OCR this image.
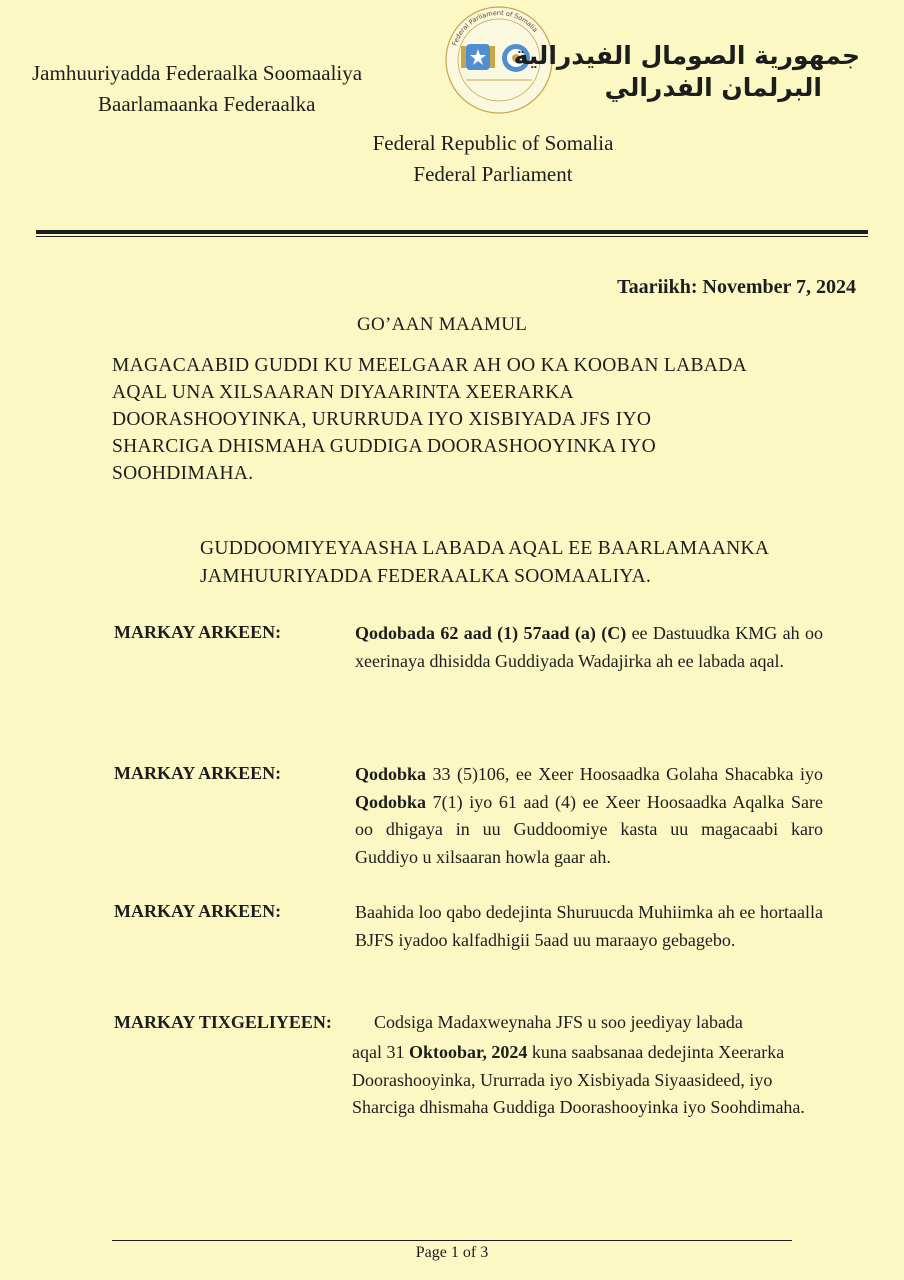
Jamhuuriyadda Federaalka Soomaaliya
Baarlamaanka Federaalka
Federal Parliament of Somalia
جمهورية الصومال الفيدرالية
البرلمان الفدرالي
Federal Republic of Somalia
Federal Parliament
Taariikh: November 7, 2024
GO’AAN MAAMUL
MAGACAABID GUDDI KU MEELGAAR AH OO KA KOOBAN LABADA AQAL UNA XILSAARAN DIYAARINTA XEERARKA DOORASHOOYINKA, URURRUDA IYO XISBIYADA JFS IYO SHARCIGA DHISMAHA GUDDIGA DOORASHOOYINKA IYO SOOHDIMAHA.
GUDDOOMIYEYAASHA LABADA AQAL EE BAARLAMAANKA JAMHUURIYADDA FEDERAALKA SOOMAALIYA.
MARKAY ARKEEN:	Qodobada 62 aad (1) 57aad (a) (C) ee Dastuudka KMG ah oo xeerinaya dhisidda Guddiyada Wadajirka ah ee labada aqal.
MARKAY ARKEEN:	Qodobka 33 (5)106, ee Xeer Hoosaadka Golaha Shacabka iyo Qodobka 7(1) iyo 61 aad (4) ee Xeer Hoosaadka Aqalka Sare oo dhigaya in uu Guddoomiye kasta uu magacaabi karo Guddiyo u xilsaaran howla gaar ah.
MARKAY ARKEEN:	Baahida loo qabo dedejinta Shuruucda Muhiimka ah ee hortaalla BJFS iyadoo kalfadhigii 5aad uu maraayo gebagebo.
MARKAY TIXGELIYEEN: Codsiga Madaxweynaha JFS u soo jeediyay labada
aqal 31 Oktoobar, 2024 kuna saabsanaa dedejinta Xeerarka Doorashooyinka, Ururrada iyo Xisbiyada Siyaasideed, iyo Sharciga dhismaha Guddiga Doorashooyinka iyo Soohdimaha.
Page 1 of 3
